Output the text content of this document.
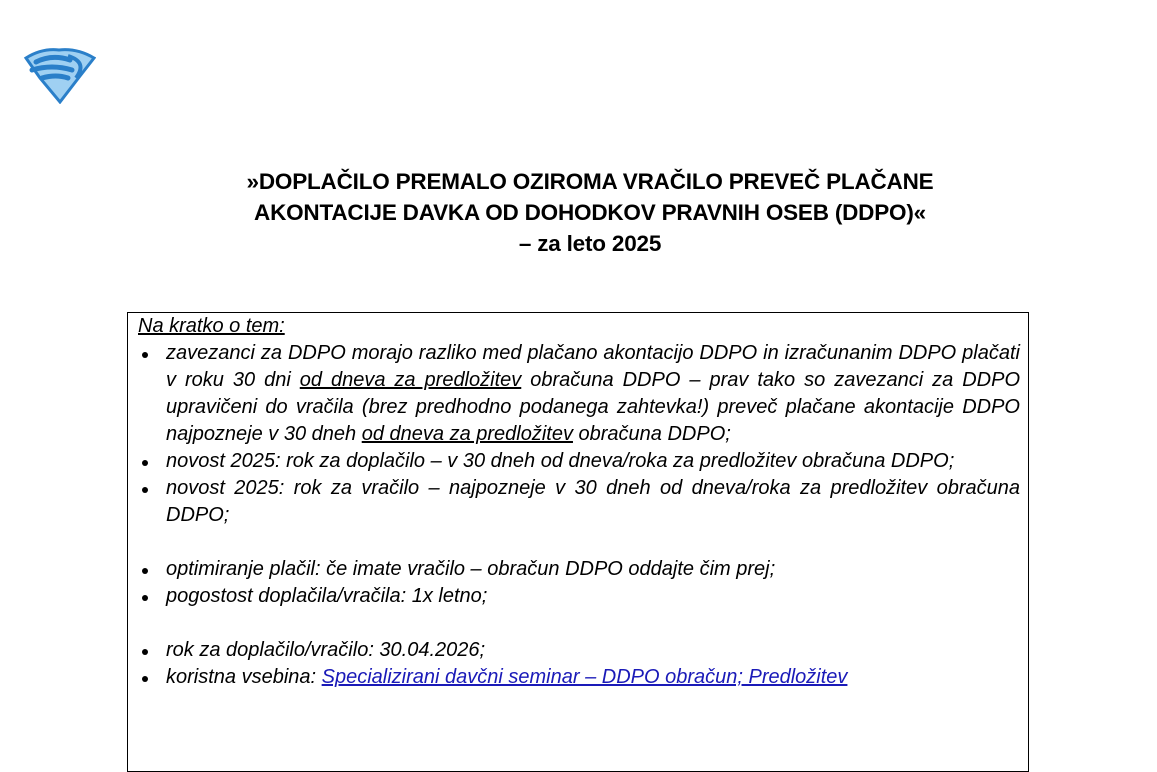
»DOPLAČILO PREMALO OZIROMA VRAČILO PREVEČ PLAČANE
AKONTACIJE DAVKA OD DOHODKOV PRAVNIH OSEB (DDPO)«
– za leto 2025
Na kratko o tem:
zavezanci za DDPO morajo razliko med plačano akontacijo DDPO in izračunanim DDPO plačati v roku 30 dni od dneva za predložitev obračuna DDPO – prav tako so zavezanci za DDPO upravičeni do vračila (brez predhodno podanega zahtevka!) preveč plačane akontacije DDPO najpozneje v 30 dneh od dneva za predložitev obračuna DDPO;
novost 2025: rok za doplačilo – v 30 dneh od dneva/roka za predložitev obračuna DDPO;
novost 2025: rok za vračilo – najpozneje v 30 dneh od dneva/roka za predložitev obračuna DDPO;
optimiranje plačil: če imate vračilo – obračun DDPO oddajte čim prej;
pogostost doplačila/vračila: 1x letno;
rok za doplačilo/vračilo: 30.04.2026;
koristna vsebina: Specializirani davčni seminar – DDPO obračun; Predložitev
